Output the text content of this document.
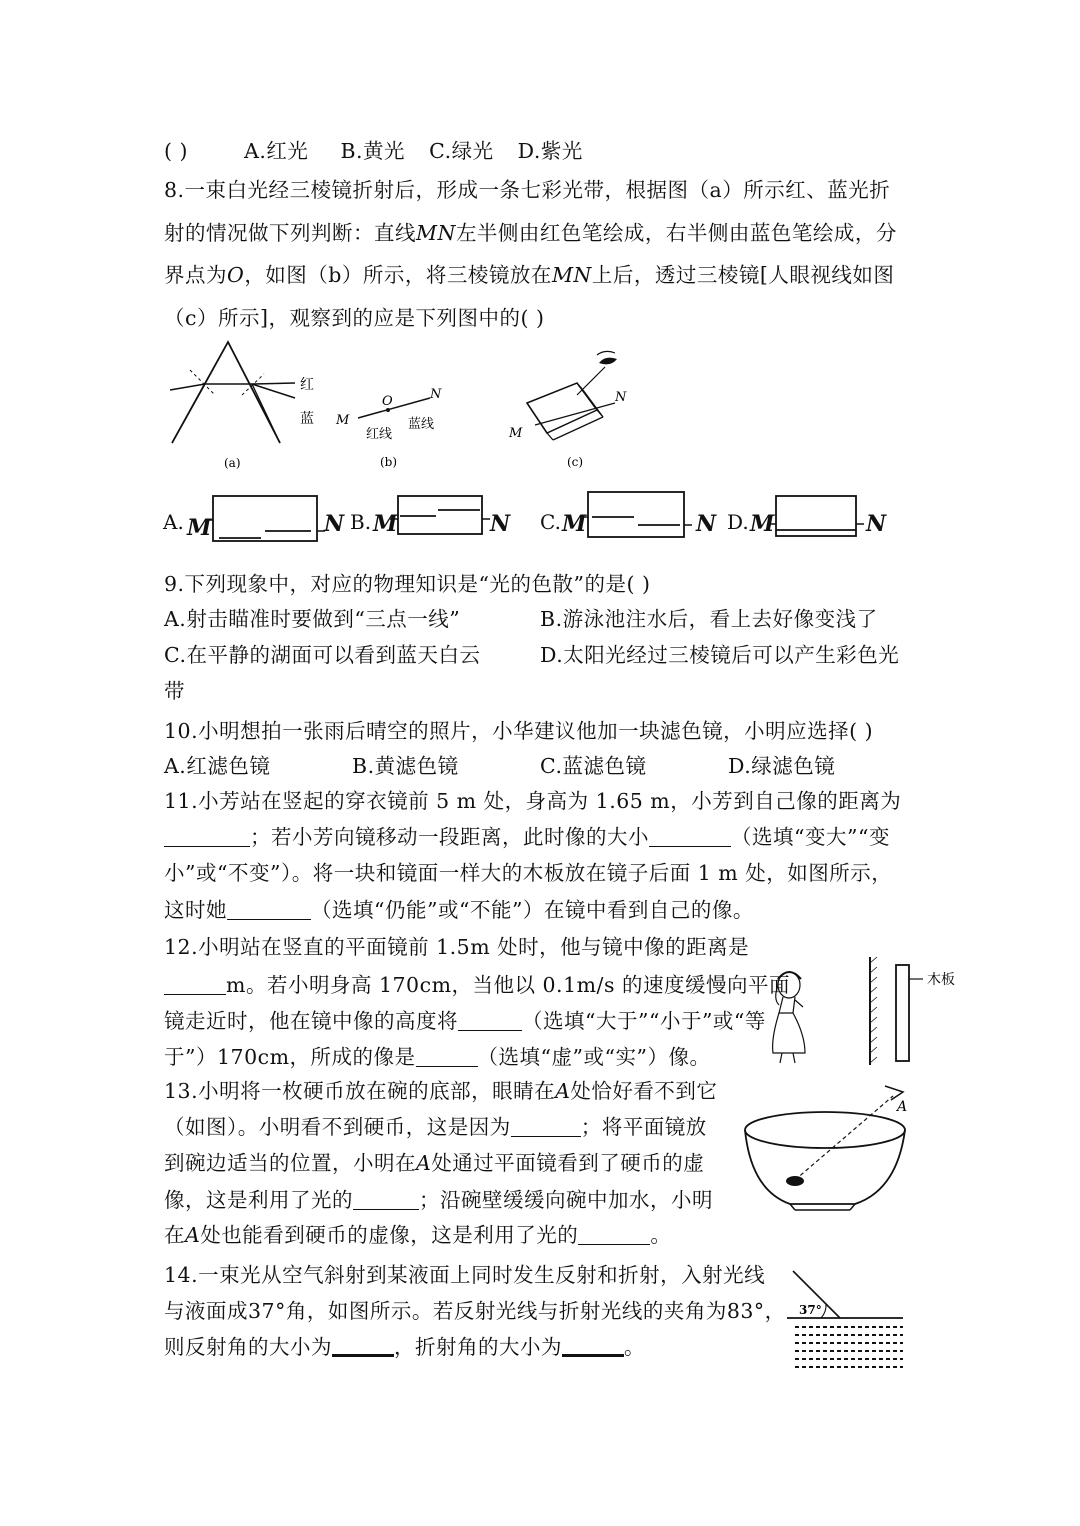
( )	A.红光 B.黄光 C.绿光 D.紫光
8.一束白光经三棱镜折射后，形成一条七彩光带，根据图（a）所示红、蓝光折
射的情况做下列判断：直线MN左半侧由红色笔绘成，右半侧由蓝色笔绘成，分
界点为O，如图（b）所示，将三棱镜放在MN上后，透过三棱镜[人眼视线如图
（c）所示]，观察到的应是下列图中的( )
红
蓝
(a)
M
O	N
红线
蓝线
(b)
M
N
(c)
A. M	N B. M	N C. M	N D. M	N
9.下列现象中，对应的物理知识是“光的色散”的是( )
A.射击瞄准时要做到“三点一线”	B.游泳池注水后，看上去好像变浅了
C.在平静的湖面可以看到蓝天白云	D.太阳光经过三棱镜后可以产生彩色光
带
10.小明想拍一张雨后晴空的照片，小华建议他加一块滤色镜，小明应选择( )
A.红滤色镜	B.黄滤色镜	C.蓝滤色镜	D.绿滤色镜
11.小芳站在竖起的穿衣镜前 5 m 处，身高为 1.65 m，小芳到自己像的距离为
；若小芳向镜移动一段距离，此时像的大小	（选填“变大”“变
小”或“不变”）。将一块和镜面一样大的木板放在镜子后面 1 m 处，如图所示，
这时她	（选填“仍能”或“不能”）在镜中看到自己的像。
12.小明站在竖直的平面镜前 1.5m 处时，他与镜中像的距离是
m。若小明身高 170cm，当他以 0.1m/s 的速度缓慢向平面
镜走近时，他在镜中像的高度将	（选填“大于”“小于”或“等
于”）170cm，所成的像是	（选填“虚”或“实”）像。
木板
13.小明将一枚硬币放在碗的底部，眼睛在A处恰好看不到它
（如图）。小明看不到硬币，这是因为	；将平面镜放
到碗边适当的位置，小明在A处通过平面镜看到了硬币的虚
像，这是利用了光的	；沿碗壁缓缓向碗中加水，小明
在A处也能看到硬币的虚像，这是利用了光的	。
A
14.一束光从空气斜射到某液面上同时发生反射和折射，入射光线
与液面成37°角，如图所示。若反射光线与折射光线的夹角为83°，
则反射角的大小为	，折射角的大小为	。
37°
